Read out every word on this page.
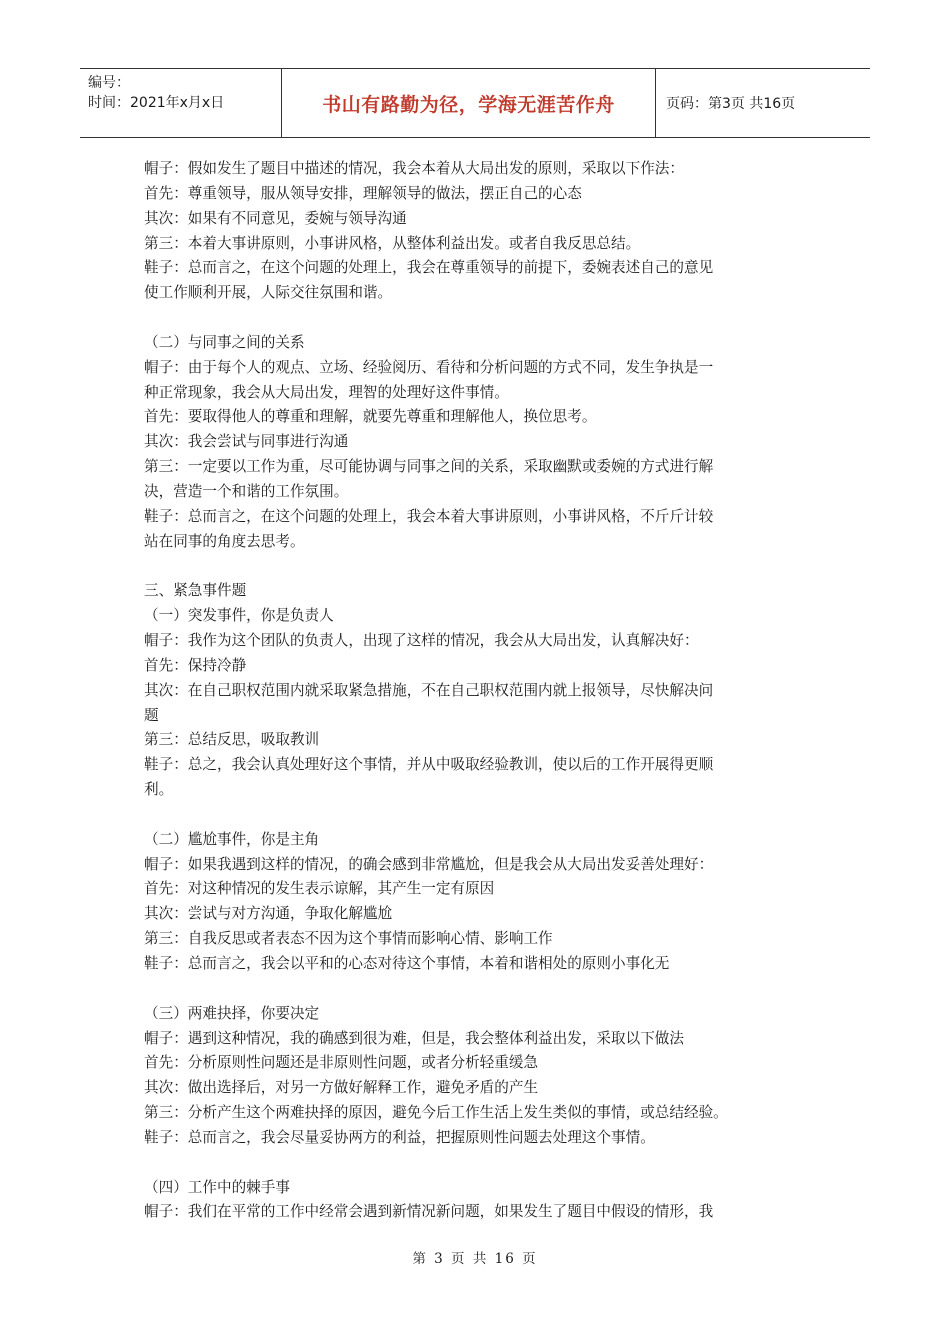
编号：
时间：2021年x月x日	书山有路勤为径，学海无涯苦作舟	页码：第3页 共16页
帽子：假如发生了题目中描述的情况，我会本着从大局出发的原则，采取以下作法：
首先：尊重领导，服从领导安排，理解领导的做法，摆正自己的心态
其次：如果有不同意见，委婉与领导沟通
第三：本着大事讲原则，小事讲风格，从整体利益出发。或者自我反思总结。
鞋子：总而言之，在这个问题的处理上，我会在尊重领导的前提下，委婉表述自己的意见
使工作顺利开展，人际交往氛围和谐。
（二）与同事之间的关系
帽子：由于每个人的观点、立场、经验阅历、看待和分析问题的方式不同，发生争执是一
种正常现象，我会从大局出发，理智的处理好这件事情。
首先：要取得他人的尊重和理解，就要先尊重和理解他人，换位思考。
其次：我会尝试与同事进行沟通
第三：一定要以工作为重，尽可能协调与同事之间的关系，采取幽默或委婉的方式进行解
决，营造一个和谐的工作氛围。
鞋子：总而言之，在这个问题的处理上，我会本着大事讲原则，小事讲风格，不斤斤计较
站在同事的角度去思考。
三、紧急事件题
（一）突发事件，你是负责人
帽子：我作为这个团队的负责人，出现了这样的情况，我会从大局出发，认真解决好：
首先：保持冷静
其次：在自己职权范围内就采取紧急措施，不在自己职权范围内就上报领导，尽快解决问
题
第三：总结反思，吸取教训
鞋子：总之，我会认真处理好这个事情，并从中吸取经验教训，使以后的工作开展得更顺
利。
（二）尴尬事件，你是主角
帽子：如果我遇到这样的情况，的确会感到非常尴尬，但是我会从大局出发妥善处理好：
首先：对这种情况的发生表示谅解，其产生一定有原因
其次：尝试与对方沟通，争取化解尴尬
第三：自我反思或者表态不因为这个事情而影响心情、影响工作
鞋子：总而言之，我会以平和的心态对待这个事情，本着和谐相处的原则小事化无
（三）两难抉择，你要决定
帽子：遇到这种情况，我的确感到很为难，但是，我会整体利益出发，采取以下做法
首先：分析原则性问题还是非原则性问题，或者分析轻重缓急
其次：做出选择后，对另一方做好解释工作，避免矛盾的产生
第三：分析产生这个两难抉择的原因，避免今后工作生活上发生类似的事情，或总结经验。
鞋子：总而言之，我会尽量妥协两方的利益，把握原则性问题去处理这个事情。
（四）工作中的棘手事
帽子：我们在平常的工作中经常会遇到新情况新问题，如果发生了题目中假设的情形，我
第 3 页 共 16 页
